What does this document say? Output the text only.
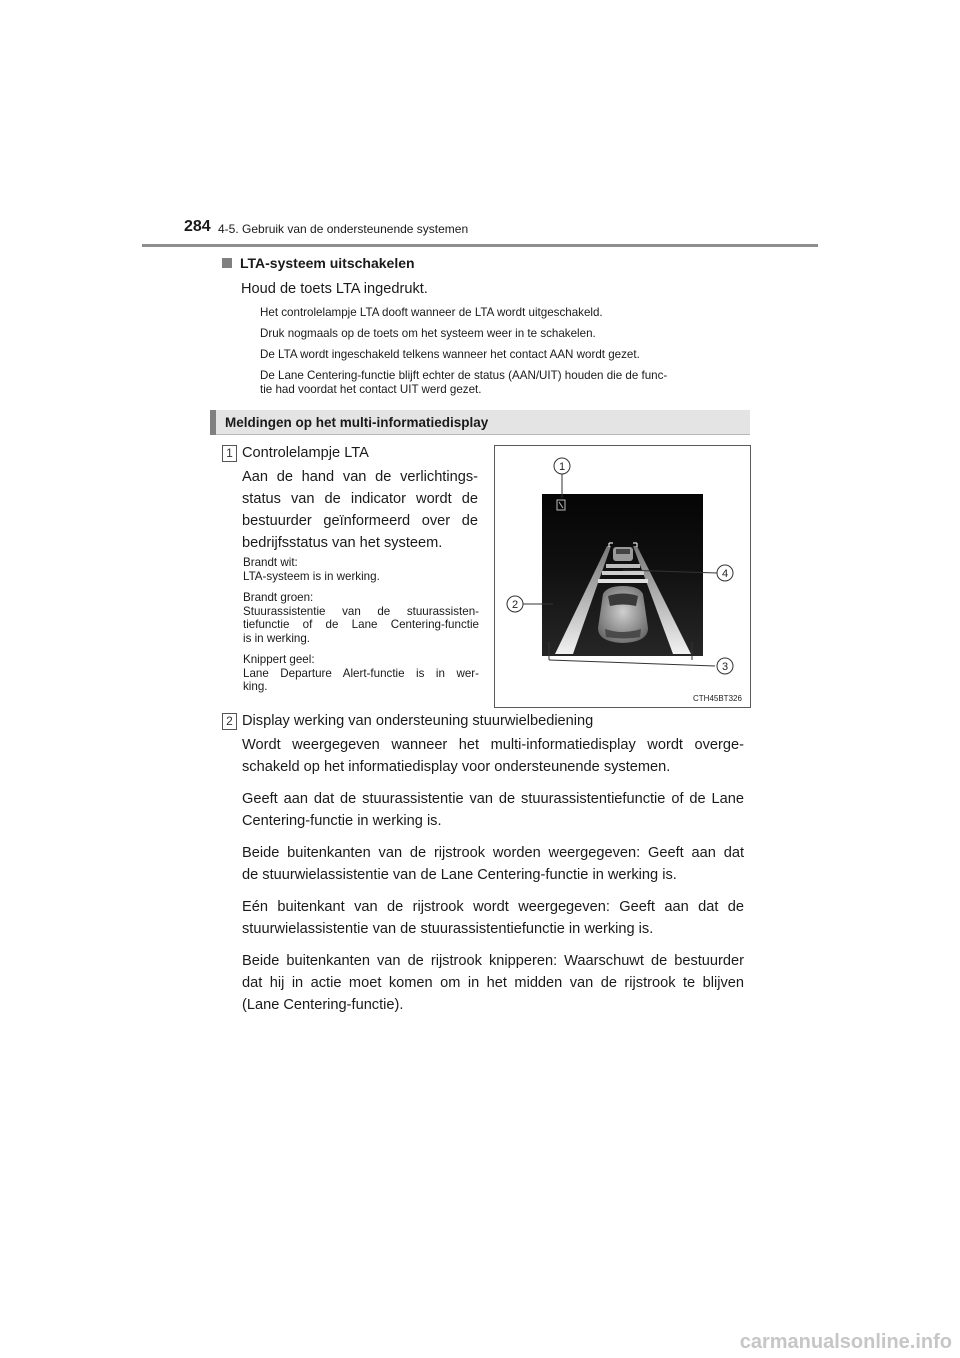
284 4-5. Gebruik van de ondersteunende systemen
LTA-systeem uitschakelen
Houd de toets LTA ingedrukt.
Het controlelampje LTA dooft wanneer de LTA wordt uitgeschakeld.
Druk nogmaals op de toets om het systeem weer in te schakelen.
De LTA wordt ingeschakeld telkens wanneer het contact AAN wordt gezet.
De Lane Centering-functie blijft echter de status (AAN/UIT) houden die de func-
tie had voordat het contact UIT werd gezet.
Meldingen op het multi-informatiedisplay
1 Controlelampje LTA
Aan de hand van de verlichtings-
status van de indicator wordt de
bestuurder geïnformeerd over de
bedrijfsstatus van het systeem.
Brandt wit:
LTA-systeem is in werking.
Brandt groen:
Stuurassistentie van de stuurassisten-
tiefunctie of de Lane Centering-functie
is in werking.
Knippert geel:
Lane Departure Alert-functie is in wer-
king.
1
2
3
4
CTH45BT326
2 Display werking van ondersteuning stuurwielbediening
Wordt weergegeven wanneer het multi-informatiedisplay wordt overge-
schakeld op het informatiedisplay voor ondersteunende systemen.
Geeft aan dat de stuurassistentie van de stuurassistentiefunctie of de Lane
Centering-functie in werking is.
Beide buitenkanten van de rijstrook worden weergegeven: Geeft aan dat
de stuurwielassistentie van de Lane Centering-functie in werking is.
Eén buitenkant van de rijstrook wordt weergegeven: Geeft aan dat de
stuurwielassistentie van de stuurassistentiefunctie in werking is.
Beide buitenkanten van de rijstrook knipperen: Waarschuwt de bestuurder
dat hij in actie moet komen om in het midden van de rijstrook te blijven
(Lane Centering-functie).
carmanualsonline.info
